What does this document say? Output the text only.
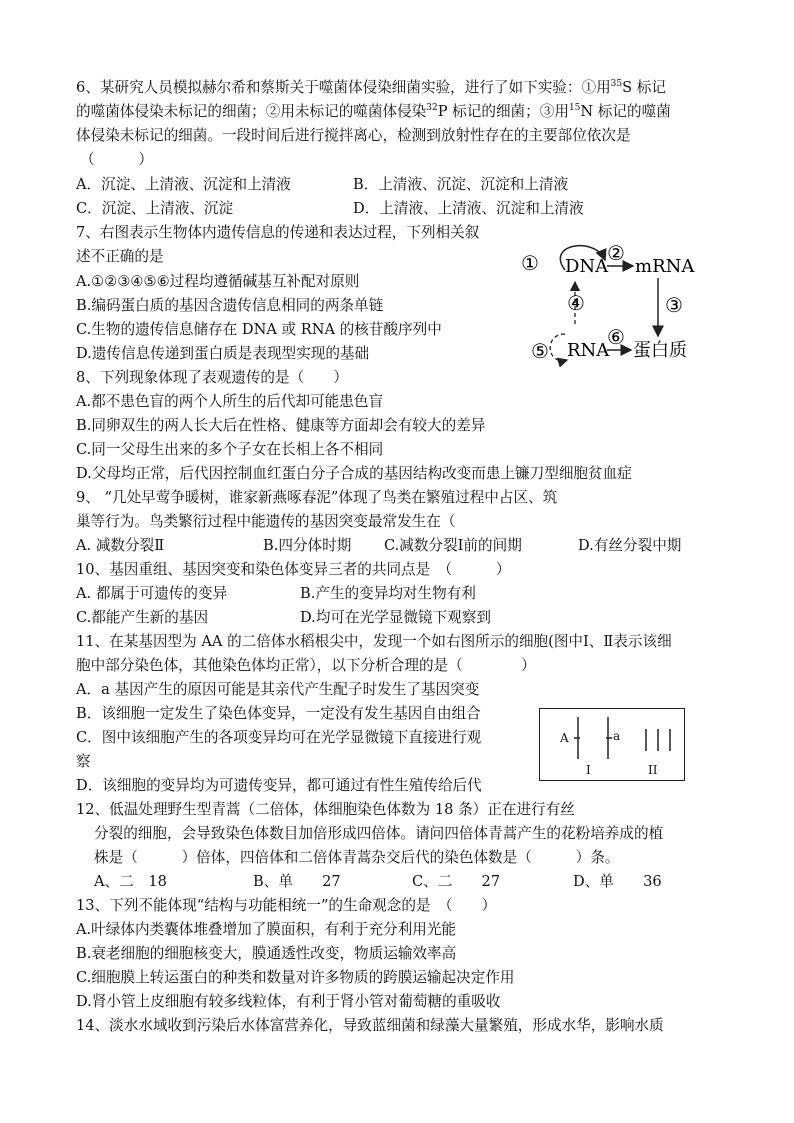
6、某研究人员模拟赫尔希和蔡斯关于噬菌体侵染细菌实验，进行了如下实验：①用$^{35}$S 标记
的噬菌体侵染未标记的细菌；②用未标记的噬菌体侵染$^{32}$P 标记的细菌；③用$^{15}$N 标记的噬菌
体侵染未标记的细菌。一段时间后进行搅拌离心，检测到放射性存在的主要部位依次是
（　　　）
A．沉淀、上清液、沉淀和上清液	B．上清液、沉淀、沉淀和上清液
C．沉淀、上清液、沉淀	D．上清液、上清液、沉淀和上清液
7、右图表示生物体内遗传信息的传递和表达过程，下列相关叙
述不正确的是
A.①②③④⑤⑥过程均遵循碱基互补配对原则
B.编码蛋白质的基因含遗传信息相同的两条单链
C.生物的遗传信息储存在 DNA 或 RNA 的核苷酸序列中
D.遗传信息传递到蛋白质是表现型实现的基础
① DNA
②
mRNA
③
④
⑤ RNA
⑥
蛋白质
8、下列现象体现了表观遗传的是（　　）
A.都不患色盲的两个人所生的后代却可能患色盲
B.同卵双生的两人长大后在性格、健康等方面却会有较大的差异
C.同一父母生出来的多个子女在长相上各不相同
D.父母均正常，后代因控制血红蛋白分子合成的基因结构改变而患上镰刀型细胞贫血症
9、 “几处早莺争暖树，谁家新燕啄春泥”体现了鸟类在繁殖过程中占区、筑
巢等行为。鸟类繁衍过程中能遗传的基因突变最常发生在（
A. 减数分裂Ⅱ	B.四分体时期 C.减数分裂Ⅰ前的间期	D.有丝分裂中期
10、基因重组、基因突变和染色体变异三者的共同点是　（　　　）
A. 都属于可遗传的变异	B.产生的变异均对生物有利
C.都能产生新的基因	D.均可在光学显微镜下观察到
11、在某基因型为 AA 的二倍体水稻根尖中，发现一个如右图所示的细胞(图中Ⅰ、Ⅱ表示该细
胞中部分染色体，其他染色体均正常），以下分析合理的是（　　　　）
A．a 基因产生的原因可能是其亲代产生配子时发生了基因突变
B．该细胞一定发生了染色体变异，一定没有发生基因自由组合
C．图中该细胞产生的各项变异均可在光学显微镜下直接进行观
察
D．该细胞的变异均为可遗传变异，都可通过有性生殖传给后代
A	a
I	II
12、低温处理野生型青蒿（二倍体，体细胞染色体数为 18 条）正在进行有丝
分裂的细胞，会导致染色体数目加倍形成四倍体。请问四倍体青蒿产生的花粉培养成的植
株是（　　　）倍体，四倍体和二倍体青蒿杂交后代的染色体数是（　　　）条。
A、二　18	B、单　　27	C、二　　27	D、单　　36
13、下列不能体现“结构与功能相统一”的生命观念的是　（　　）
A.叶绿体内类囊体堆叠增加了膜面积，有利于充分利用光能
B.衰老细胞的细胞核变大，膜通透性改变，物质运输效率高
C.细胞膜上转运蛋白的种类和数量对许多物质的跨膜运输起决定作用
D.肾小管上皮细胞有较多线粒体，有利于肾小管对葡萄糖的重吸收
14、淡水水域收到污染后水体富营养化，导致蓝细菌和绿藻大量繁殖，形成水华，影响水质
